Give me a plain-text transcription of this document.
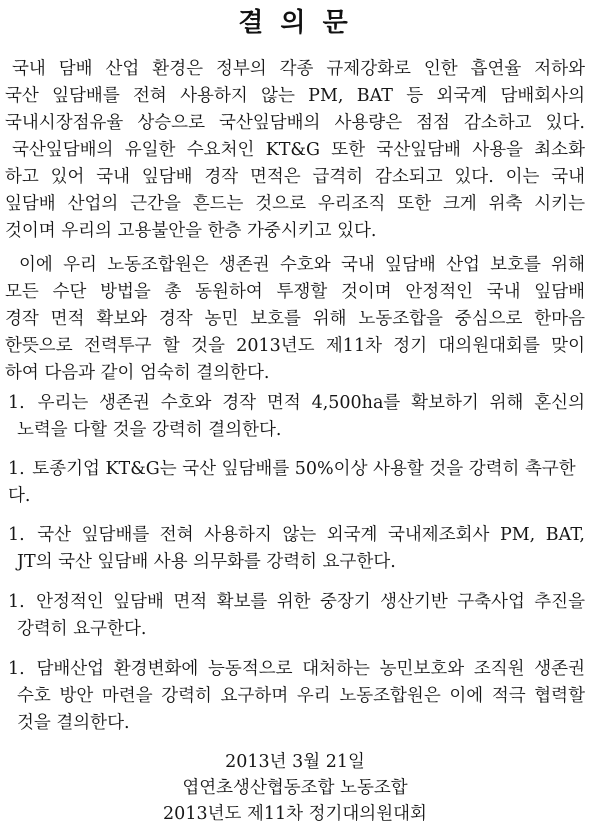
결 의 문
국내 담배 산업 환경은 정부의 각종 규제강화로 인한 흡연율 저하와
국산 잎담배를 전혀 사용하지 않는 PM, BAT 등 외국계 담배회사의
국내시장점유율 상승으로 국산잎담배의 사용량은 점점 감소하고 있다.
국산잎담배의 유일한 수요처인 KT&G 또한 국산잎담배 사용을 최소화
하고 있어 국내 잎담배 경작 면적은 급격히 감소되고 있다. 이는 국내
잎담배 산업의 근간을 흔드는 것으로 우리조직 또한 크게 위축 시키는
것이며 우리의 고용불안을 한층 가중시키고 있다.
이에 우리 노동조합원은 생존권 수호와 국내 잎담배 산업 보호를 위해
모든 수단 방법을 총 동원하여 투쟁할 것이며 안정적인 국내 잎담배
경작 면적 확보와 경작 농민 보호를 위해 노동조합을 중심으로 한마음
한뜻으로 전력투구 할 것을 2013년도 제11차 정기 대의원대회를 맞이
하여 다음과 같이 엄숙히 결의한다.
1. 우리는 생존권 수호와 경작 면적 4,500ha를 확보하기 위해 혼신의
노력을 다할 것을 강력히 결의한다.
1. 토종기업 KT&G는 국산 잎담배를 50%이상 사용할 것을 강력히 촉구한다.
1. 국산 잎담배를 전혀 사용하지 않는 외국계 국내제조회사 PM, BAT,
JT의 국산 잎담배 사용 의무화를 강력히 요구한다.
1. 안정적인 잎담배 면적 확보를 위한 중장기 생산기반 구축사업 추진을
강력히 요구한다.
1. 담배산업 환경변화에 능동적으로 대처하는 농민보호와 조직원 생존권
수호 방안 마련을 강력히 요구하며 우리 노동조합원은 이에 적극 협력할
것을 결의한다.
2013년 3월 21일
엽연초생산협동조합 노동조합
2013년도 제11차 정기대의원대회
